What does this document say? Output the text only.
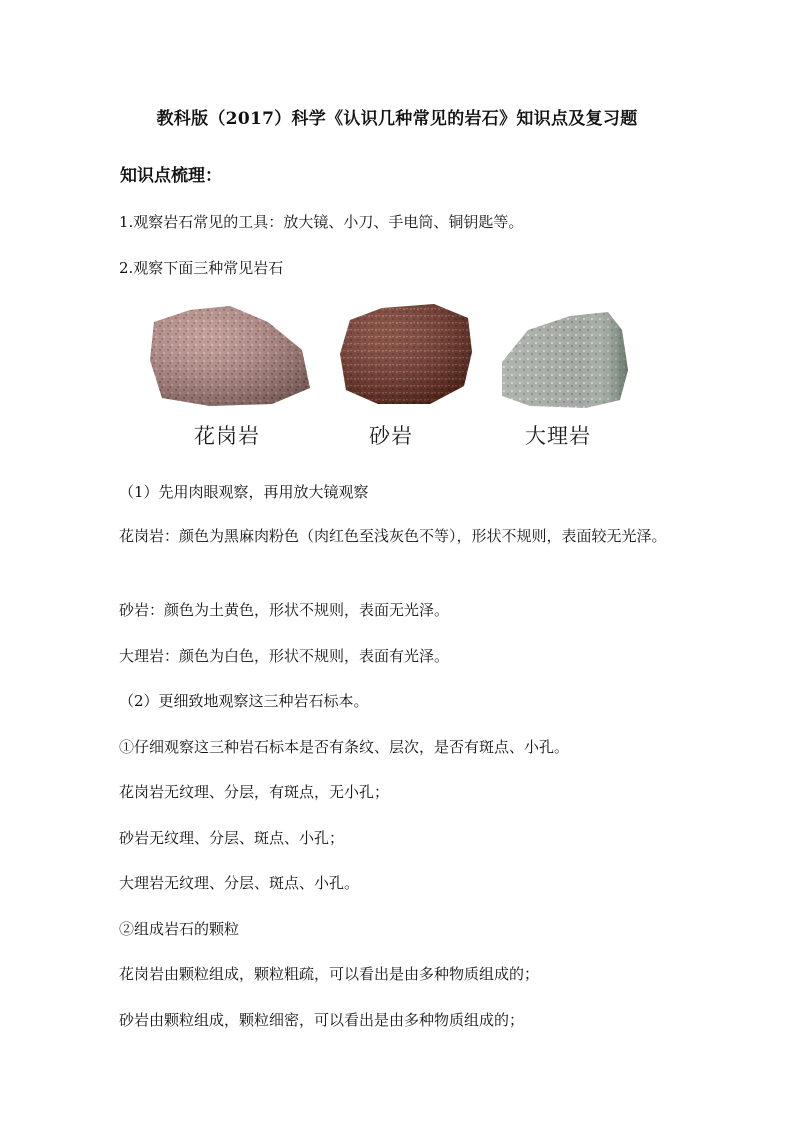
教科版（2017）科学《认识几种常见的岩石》知识点及复习题
知识点梳理：
1.观察岩石常见的工具：放大镜、小刀、手电筒、铜钥匙等。
2.观察下面三种常见岩石
花岗岩	砂岩	大理岩
（1）先用肉眼观察，再用放大镜观察
花岗岩：颜色为黑麻肉粉色（肉红色至浅灰色不等），形状不规则，表面较无光泽。
砂岩：颜色为土黄色，形状不规则，表面无光泽。
大理岩：颜色为白色，形状不规则，表面有光泽。
（2）更细致地观察这三种岩石标本。
①仔细观察这三种岩石标本是否有条纹、层次，是否有斑点、小孔。
花岗岩无纹理、分层，有斑点，无小孔；
砂岩无纹理、分层、斑点、小孔；
大理岩无纹理、分层、斑点、小孔。
②组成岩石的颗粒
花岗岩由颗粒组成，颗粒粗疏，可以看出是由多种物质组成的；
砂岩由颗粒组成，颗粒细密，可以看出是由多种物质组成的；
